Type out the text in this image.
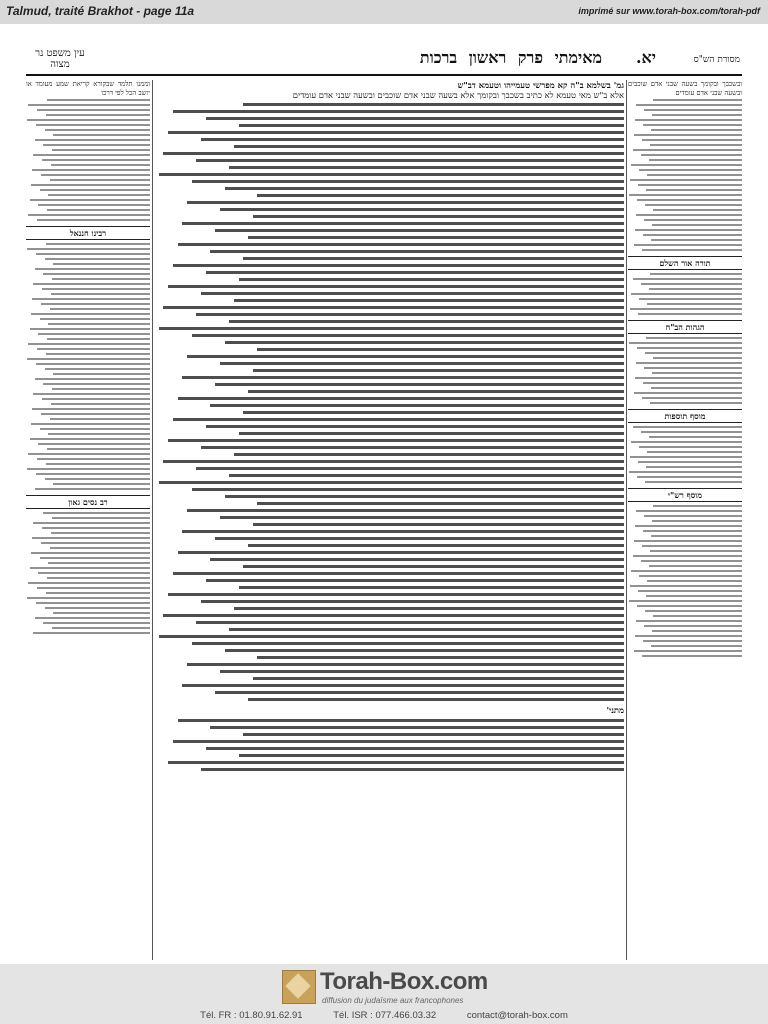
Talmud, traité Brakhot - page 11a	imprimé sur www.torah-box.com/torah-pdf
מסורת הש"ס
מאימתי פרק ראשון ברכות יא.
עין משפט נר מצוה
ובשכבך ובקומך בשעה שבני אדם שוכבים ובשעה שבני אדם עומדים
תורה אור השלם
הגהות הב"ח
מוסף תוספות
מוסף רש"י
גמ' בשלמא ב"ה קא מפרשי טעמייהו וטעמא דב"ש
אלא ב"ש מאי טעמא לא כתיב בשכבך ובקומך אלא בשעה שבני אדם שוכבים ובשעה שבני אדם עומדים
מתני'
וממנו תלמד שבקורא קריאת שמע מעומד או יושב הכל לפי דרכו
רבינו חננאל
רב נסים גאון
Torah-Box.com
diffusion du judaïsme aux francophones
Tél. FR : 01.80.91.62.91	Tél. ISR : 077.466.03.32	contact@torah-box.com
